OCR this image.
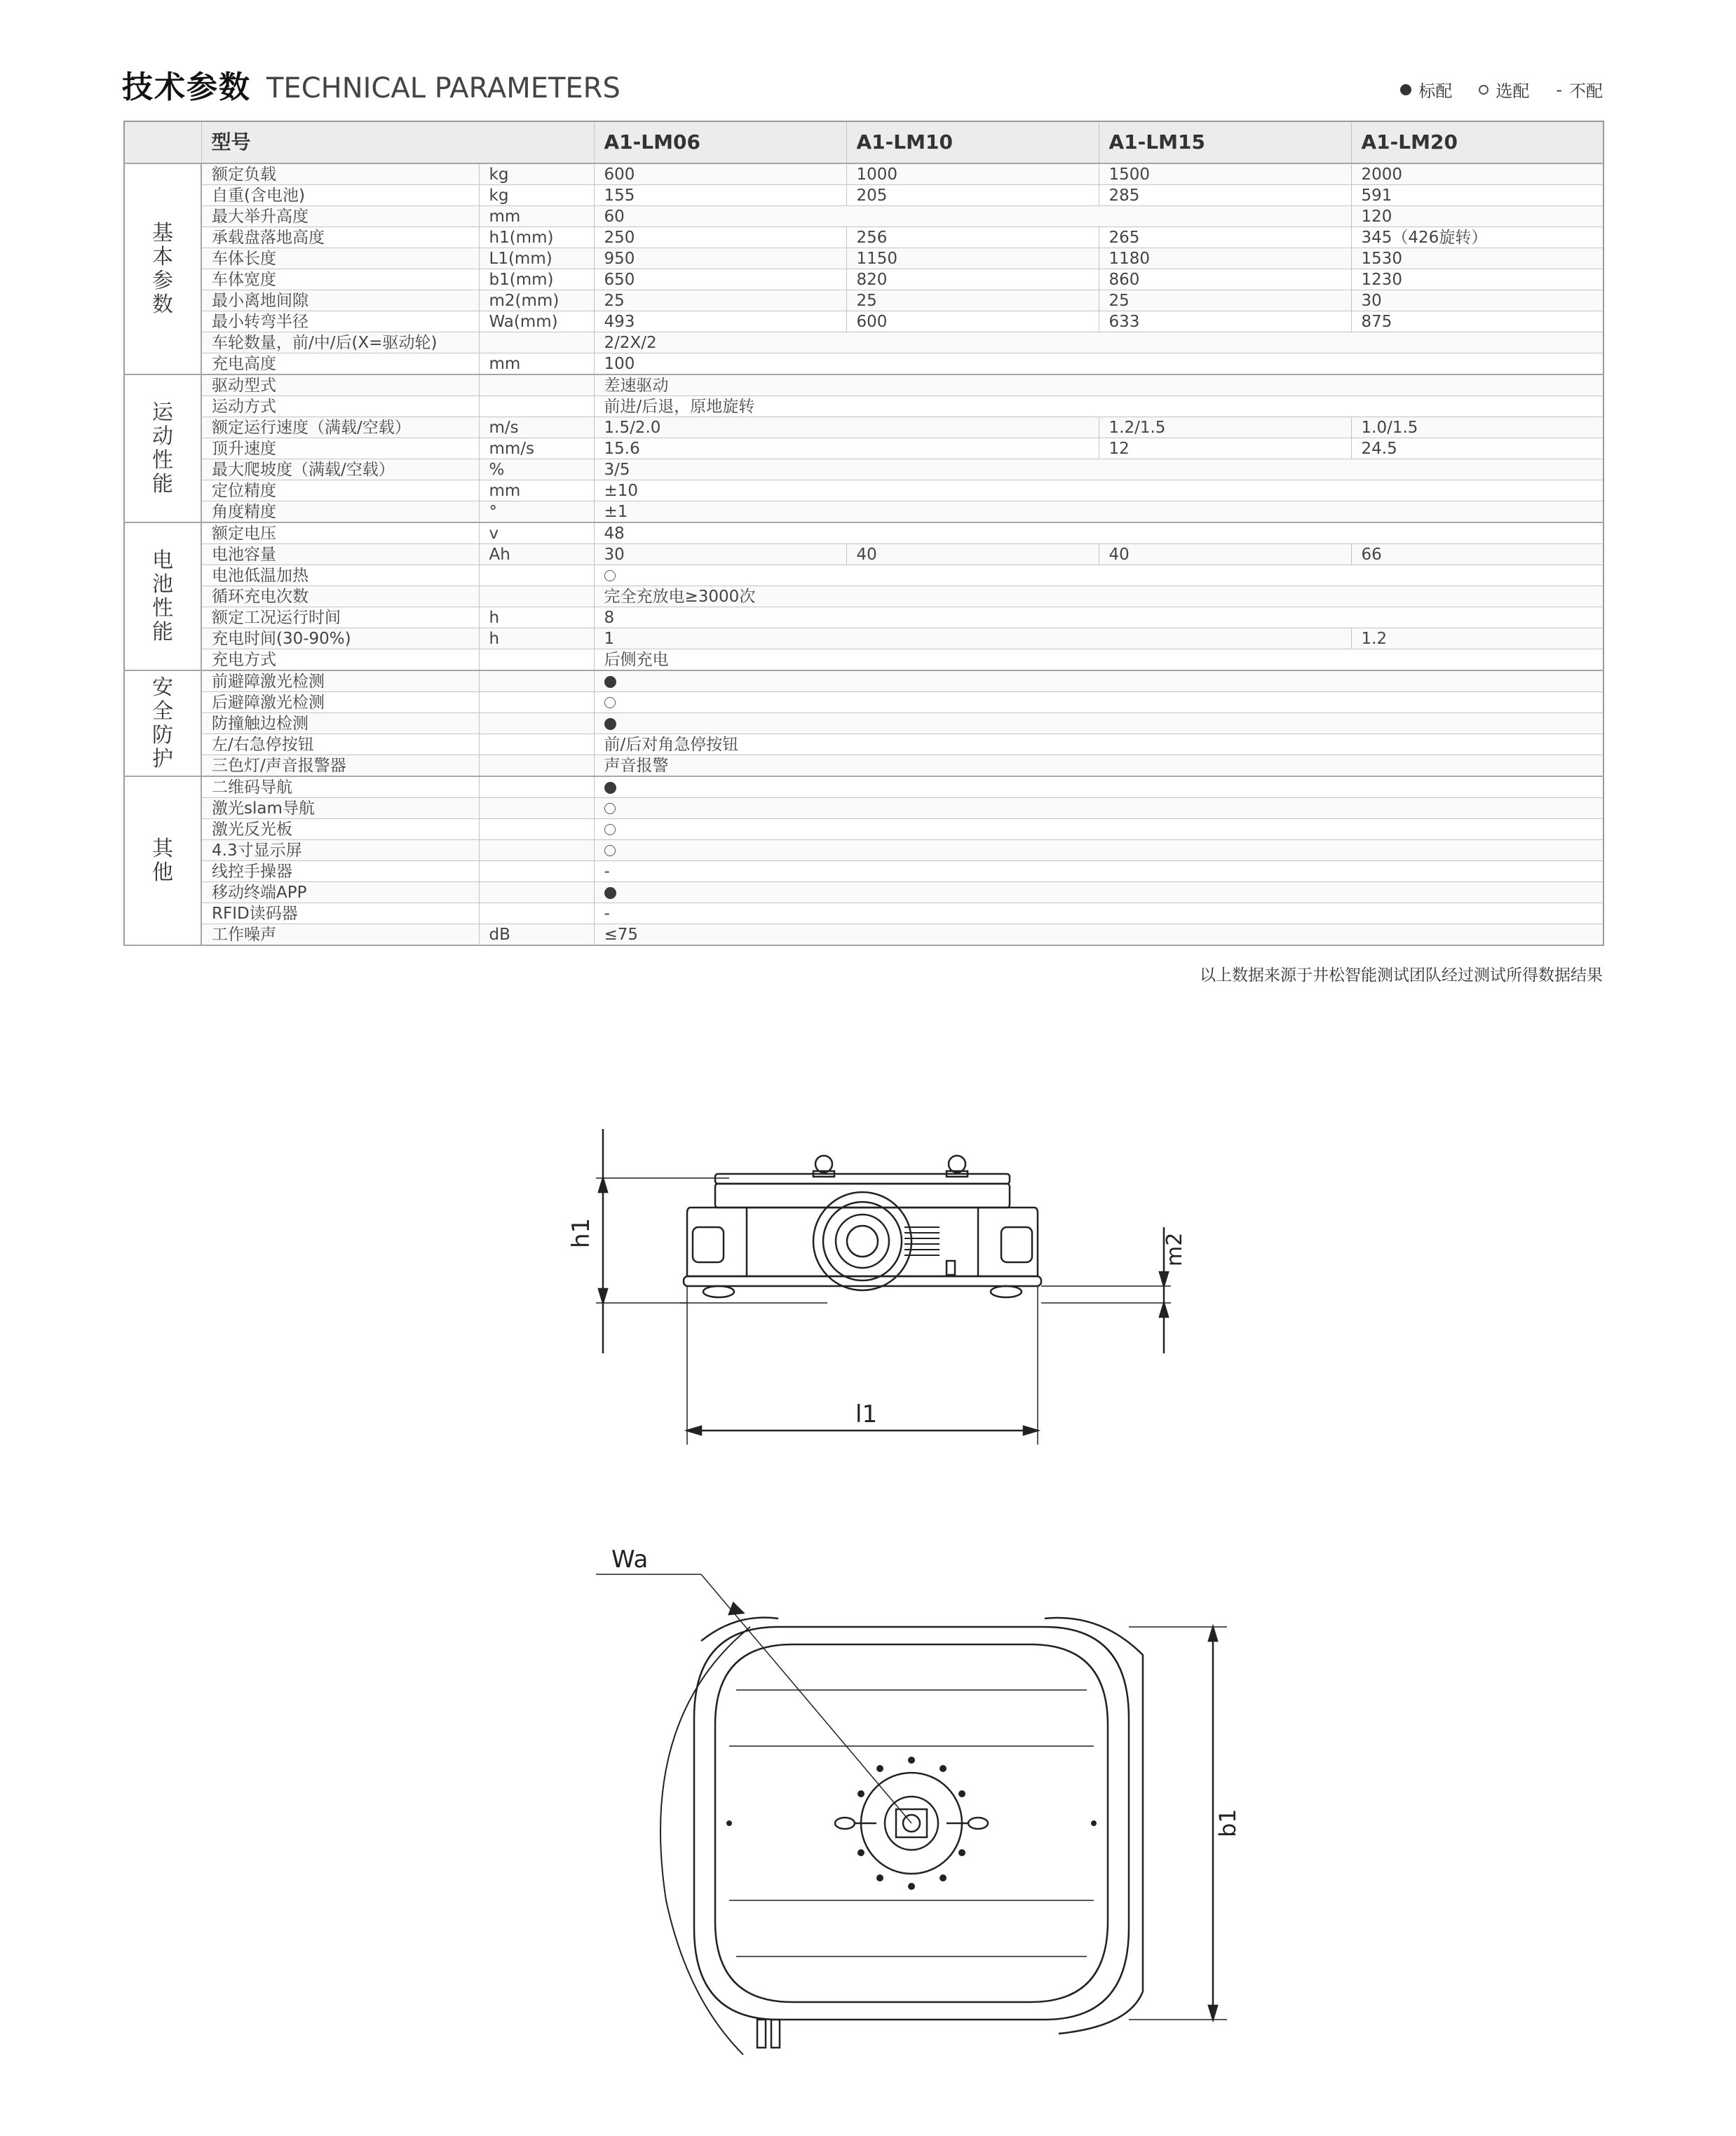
技术参数 TECHNICAL PARAMETERS	标配	选配 - 不配
	型号		A1-LM06	A1-LM10	A1-LM15	A1-LM20

基本参数	额定负载	kg	600	1000	1500	2000
	自重(含电池)	kg	155	205	285	591
	最大举升高度	mm	60			120
	承载盘落地高度	h1(mm)	250	256	265	345（426旋转）
	车体长度	L1(mm)	950	1150	1180	1530
	车体宽度	b1(mm)	650	820	860	1230
	最小离地间隙	m2(mm)	25	25	25	30
	最小转弯半径	Wa(mm)	493	600	633	875
	车轮数量，前/中/后(X=驱动轮)		2/2X/2			
	充电高度	mm	100			

运动性能	驱动型式		差速驱动			
	运动方式		前进/后退，原地旋转			
	额定运行速度（满载/空载）	m/s	1.5/2.0		1.2/1.5	1.0/1.5
	顶升速度	mm/s	15.6		12	24.5
	最大爬坡度（满载/空载）	%	3/5			
	定位精度	mm	±10			
	角度精度	°	±1			

电池性能	额定电压	v	48			
	电池容量	Ah	30	40	40	66
	电池低温加热					
	循环充电次数		完全充放电≥3000次			
	额定工况运行时间	h	8			
	充电时间(30-90%)	h	1			1.2
	充电方式		后侧充电			

安全防护	前避障激光检测					
	后避障激光检测					
	防撞触边检测					
	左/右急停按钮		前/后对角急停按钮			
	三色灯/声音报警器		声音报警			

其他	二维码导航					
	激光slam导航					
	激光反光板					
	4.3寸显示屏					
	线控手操器		-			
	移动终端APP					
	RFID读码器		-			
	工作噪声	dB	≤75			
以上数据来源于井松智能测试团队经过测试所得数据结果
h1	m2
l1
Wa
b1
